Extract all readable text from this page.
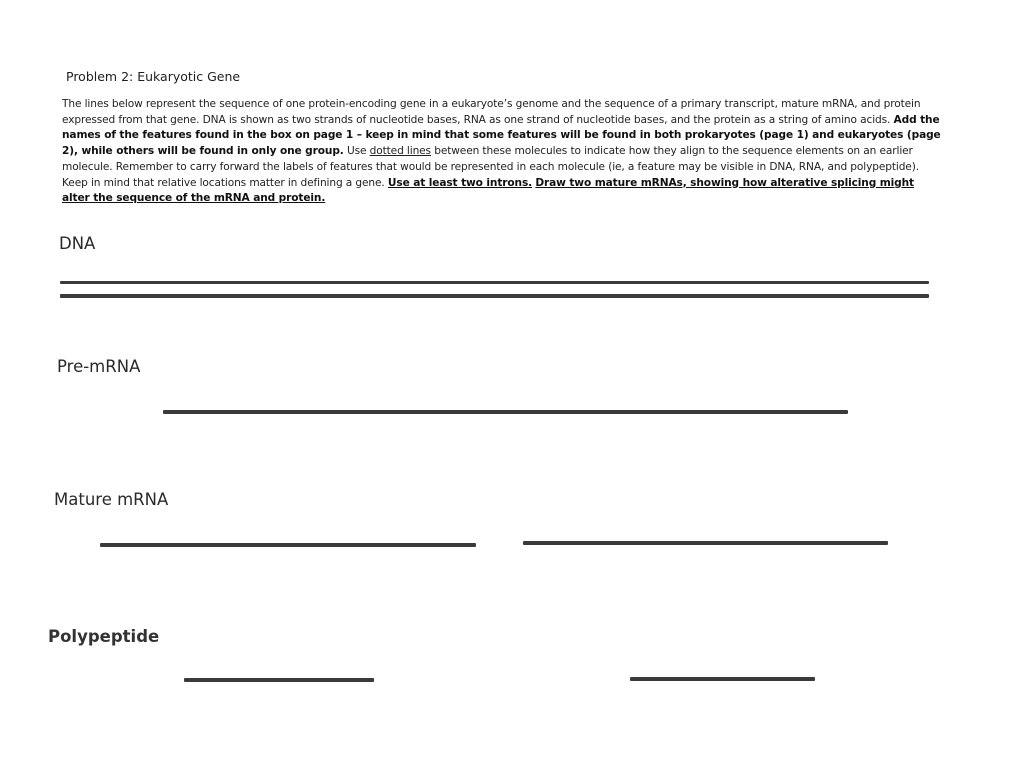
Problem 2: Eukaryotic Gene
The lines below represent the sequence of one protein-encoding gene in a eukaryote’s genome and the sequence of a primary transcript, mature mRNA, and protein expressed from that gene. DNA is shown as two strands of nucleotide bases, RNA as one strand of nucleotide bases, and the protein as a string of amino acids. Add the names of the features found in the box on page 1 – keep in mind that some features will be found in both prokaryotes (page 1) and eukaryotes (page 2), while others will be found in only one group. Use dotted lines between these molecules to indicate how they align to the sequence elements on an earlier molecule. Remember to carry forward the labels of features that would be represented in each molecule (ie, a feature may be visible in DNA, RNA, and polypeptide). Keep in mind that relative locations matter in defining a gene. Use at least two introns. Draw two mature mRNAs, showing how alterative splicing might alter the sequence of the mRNA and protein.
DNA
Pre-mRNA
Mature mRNA
Polypeptide
